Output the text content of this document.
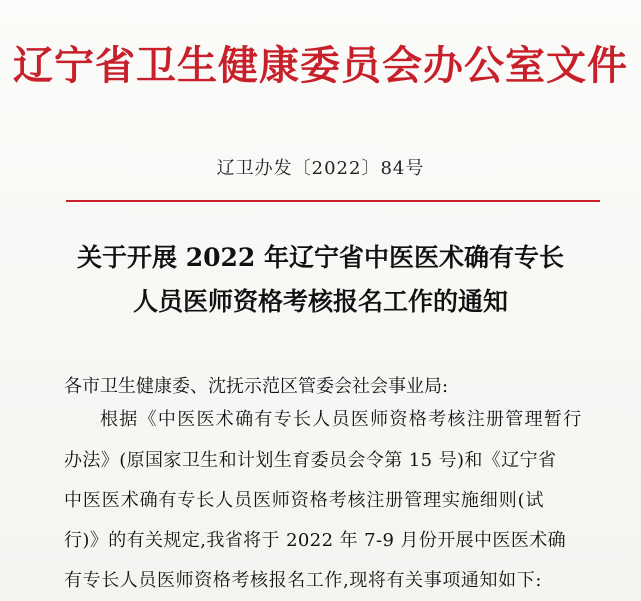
辽宁省卫生健康委员会办公室文件
辽卫办发〔2022〕84号
关于开展 2022 年辽宁省中医医术确有专长
人员医师资格考核报名工作的通知
各市卫生健康委、沈抚示范区管委会社会事业局:
根据《中医医术确有专长人员医师资格考核注册管理暂行
办法》(原国家卫生和计划生育委员会令第 15 号)和《辽宁省
中医医术确有专长人员医师资格考核注册管理实施细则(试
行)》的有关规定,我省将于 2022 年 7-9 月份开展中医医术确
有专长人员医师资格考核报名工作,现将有关事项通知如下:
